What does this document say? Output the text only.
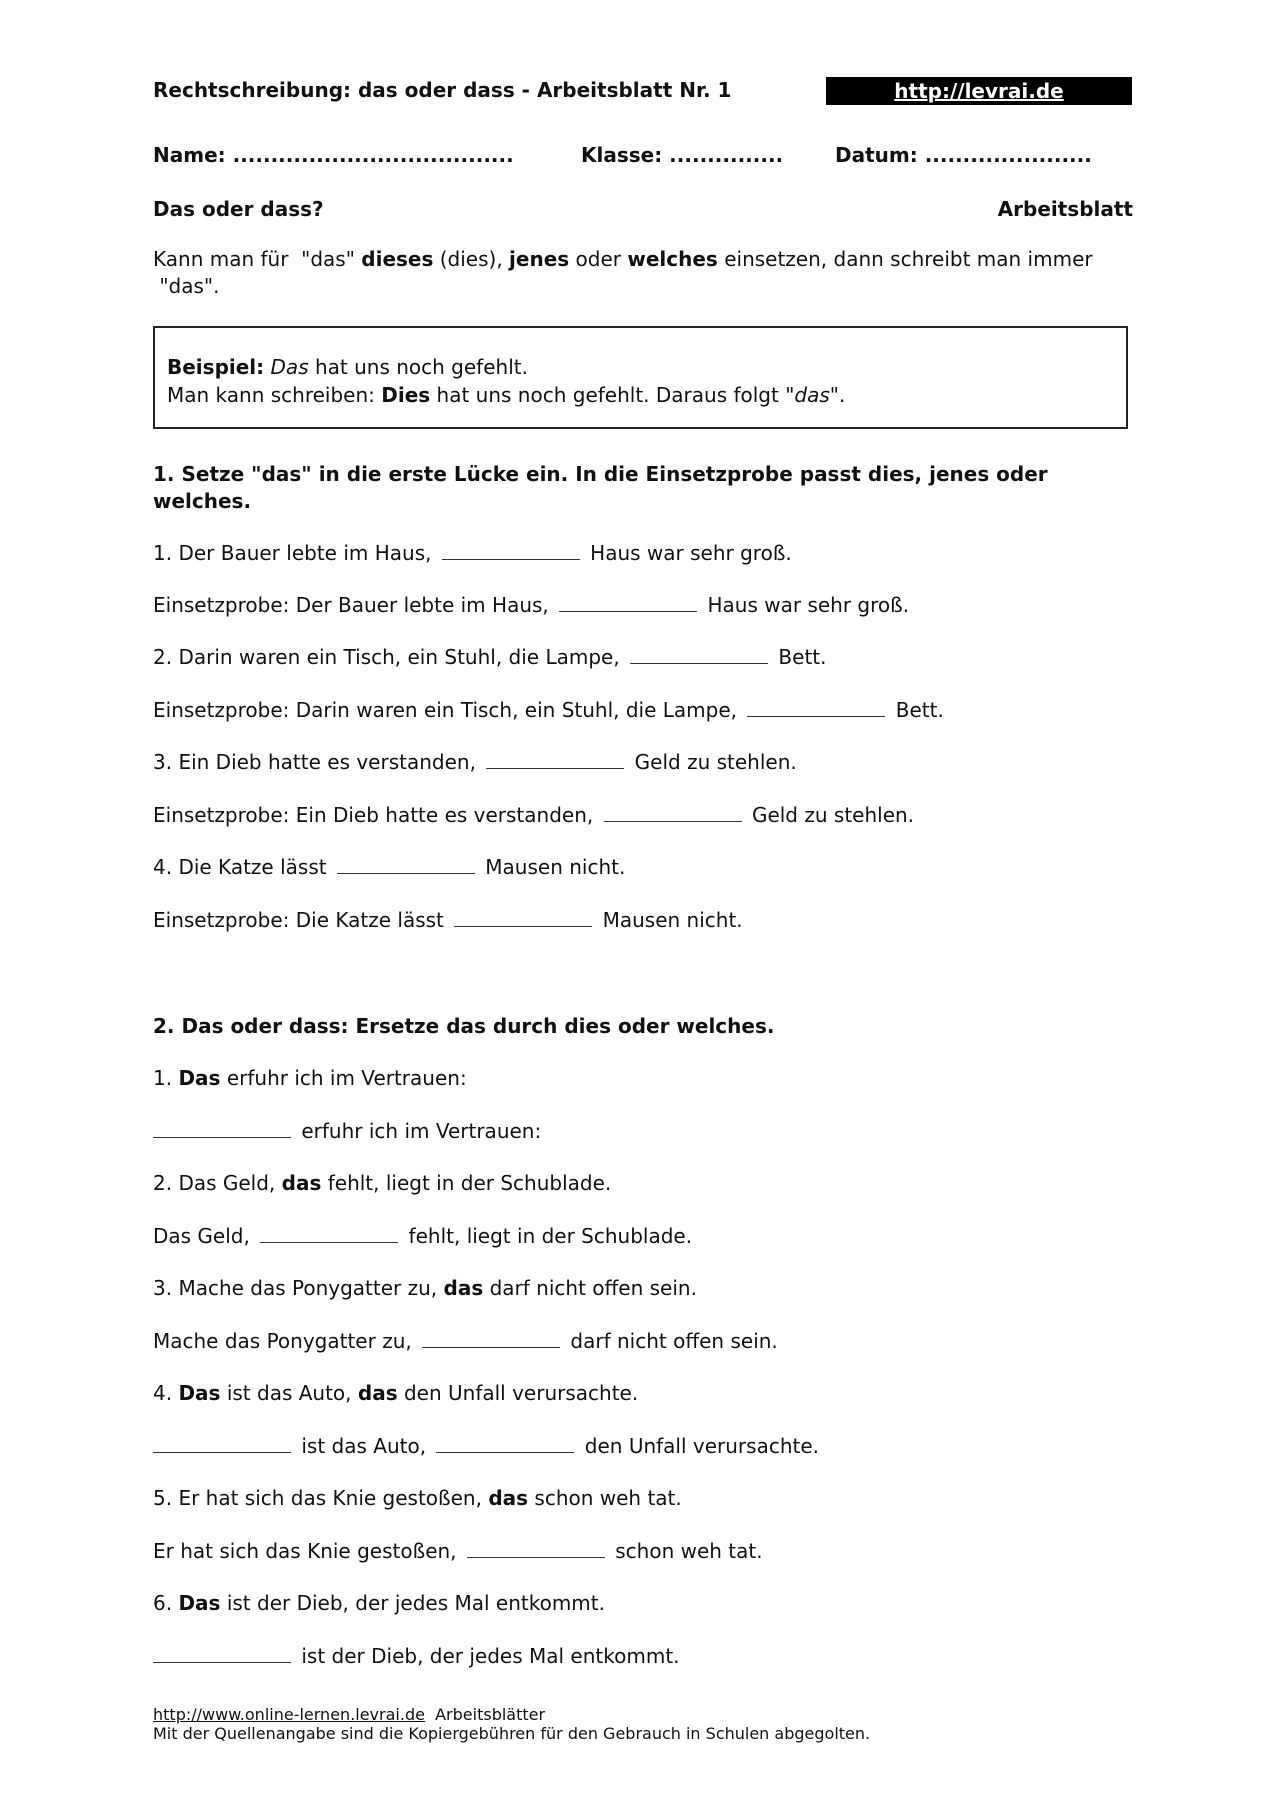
Rechtschreibung: das oder dass - Arbeitsblatt Nr. 1	http://levrai.de
Name: .....................................	Klasse: ...............	Datum: ......................
Das oder dass?	Arbeitsblatt
Kann man für  "das" dieses (dies), jenes oder welches einsetzen, dann schreibt man immer  "das".
Beispiel: Das hat uns noch gefehlt.
Man kann schreiben: Dies hat uns noch gefehlt. Daraus folgt "das".
1. Setze "das" in die erste Lücke ein. In die Einsetzprobe passt dies, jenes oder welches.
1. Der Bauer lebte im Haus,	Haus war sehr groß.
Einsetzprobe: Der Bauer lebte im Haus,	Haus war sehr groß.
2. Darin waren ein Tisch, ein Stuhl, die Lampe,	Bett.
Einsetzprobe: Darin waren ein Tisch, ein Stuhl, die Lampe,	Bett.
3. Ein Dieb hatte es verstanden,	Geld zu stehlen.
Einsetzprobe: Ein Dieb hatte es verstanden,	Geld zu stehlen.
4. Die Katze lässt	Mausen nicht.
Einsetzprobe: Die Katze lässt	Mausen nicht.
2. Das oder dass: Ersetze das durch dies oder welches.
1. Das erfuhr ich im Vertrauen:
erfuhr ich im Vertrauen:
2. Das Geld, das fehlt, liegt in der Schublade.
Das Geld,	fehlt, liegt in der Schublade.
3. Mache das Ponygatter zu, das darf nicht offen sein.
Mache das Ponygatter zu,	darf nicht offen sein.
4. Das ist das Auto, das den Unfall verursachte.
ist das Auto,	den Unfall verursachte.
5. Er hat sich das Knie gestoßen, das schon weh tat.
Er hat sich das Knie gestoßen,	schon weh tat.
6. Das ist der Dieb, der jedes Mal entkommt.
ist der Dieb, der jedes Mal entkommt.
http://www.online-lernen.levrai.de Arbeitsblätter
Mit der Quellenangabe sind die Kopiergebühren für den Gebrauch in Schulen abgegolten.
